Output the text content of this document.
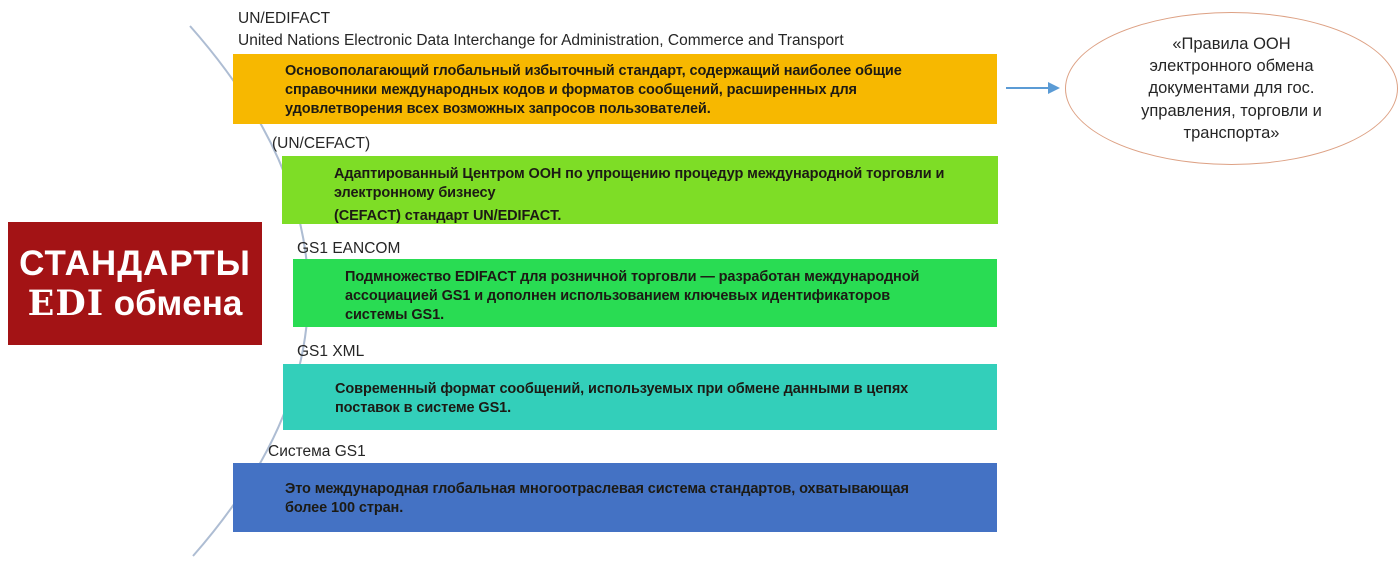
СТАНДАРТЫ
EDI обмена
UN/EDIFACT
United Nations Electronic Data Interchange for Administration, Commerce and Transport

Основополагающий глобальный избыточный стандарт, содержащий наиболее общие справочники международных кодов и форматов сообщений, расширенных для удовлетворения всех возможных запросов пользователей.

(UN/CEFACT)

Адаптированный Центром ООН по упрощению процедур международной торговли и электронному бизнесу

(CEFACT) стандарт UN/EDIFACT.

GS1 EANCOM

Подмножество EDIFACT для розничной торговли — разработан международной ассоциацией GS1 и дополнен использованием ключевых идентификаторов системы GS1.

GS1 XML

Современный формат сообщений, используемых при обмене данными в цепях поставок в системе GS1.

Система GS1

Это международная глобальная многоотраслевая система стандартов, охватывающая более 100 стран.

«Правила ООН электронного обмена документами для гос. управления, торговли и транспорта»
